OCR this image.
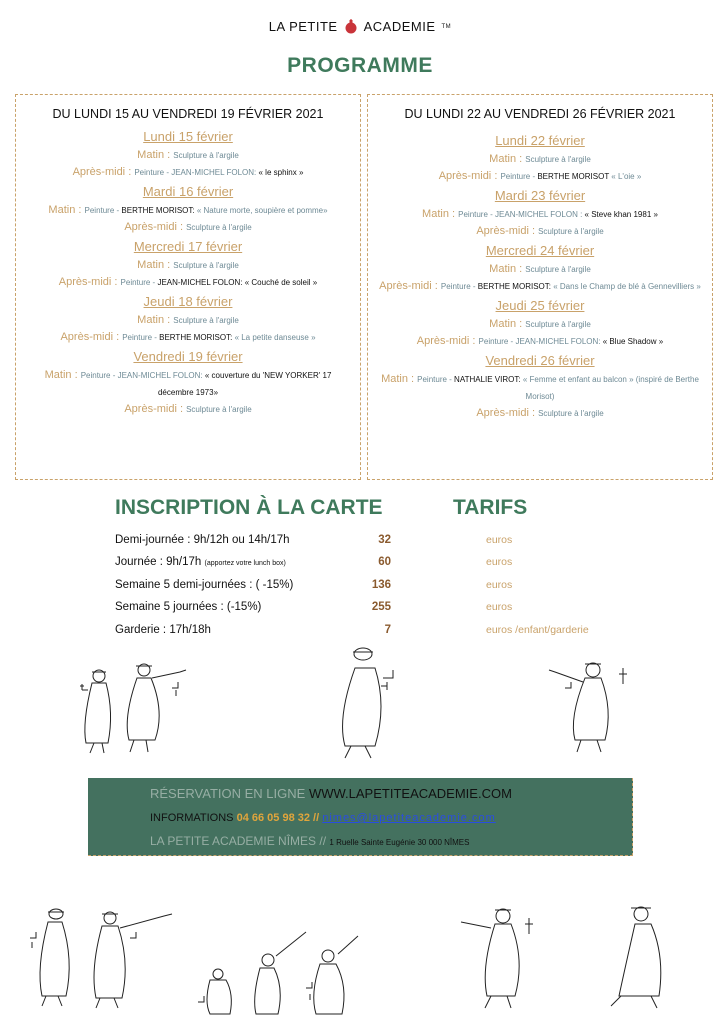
LA PETITE ACADEMIE TM
PROGRAMME
DU LUNDI 15 AU VENDREDI 19 FÉVRIER 2021
Lundi 15 février
Matin : Sculpture à l'argile
Après-midi : Peinture - JEAN-MICHEL FOLON: « le sphinx »
Mardi 16 février
Matin : Peinture - BERTHE MORISOT: « Nature morte, soupière et pomme»
Après-midi : Sculpture à l'argile
Mercredi 17 février
Matin : Sculpture à l'argile
Après-midi : Peinture - JEAN-MICHEL FOLON: « Couché de soleil »
Jeudi 18 février
Matin : Sculpture à l'argile
Après-midi : Peinture - BERTHE MORISOT: « La petite danseuse »
Vendredi 19 février
Matin : Peinture - JEAN-MICHEL FOLON: « couverture du 'NEW YORKER' 17 décembre 1973»
Après-midi : Sculpture à l'argile
DU LUNDI 22 AU VENDREDI 26 FÉVRIER 2021
Lundi 22 février
Matin : Sculpture à l'argile
Après-midi : Peinture - BERTHE MORISOT « L'oie »
Mardi 23 février
Matin : Peinture - JEAN-MICHEL FOLON : « Steve khan 1981 »
Après-midi : Sculpture à l'argile
Mercredi 24 février
Matin : Sculpture à l'argile
Après-midi : Peinture - BERTHE MORISOT: « Dans le Champ de blé à Gennevilliers »
Jeudi 25 février
Matin : Sculpture à l'argile
Après-midi : Peinture - JEAN-MICHEL FOLON: « Blue Shadow »
Vendredi 26 février
Matin : Peinture - NATHALIE VIROT: « Femme et enfant au balcon » (inspiré de Berthe Morisot)
Après-midi : Sculpture à l'argile
INSCRIPTION À LA CARTE	TARIFS
Demi-journée : 9h/12h ou 14h/17h	32	euros
Journée : 9h/17h (apportez votre lunch box)	60	euros
Semaine 5 demi-journées : ( -15%)	136	euros
Semaine 5 journées : (-15%)	255	euros
Garderie : 17h/18h	7	euros /enfant/garderie
RÉSERVATION EN LIGNE WWW.LAPETITEACADEMIE.COM
INFORMATIONS 04 66 05 98 32 // nimes@lapetiteacademie.com
LA PETITE ACADEMIE NÎMES // 1 Ruelle Sainte Eugénie 30 000 NÎMES
